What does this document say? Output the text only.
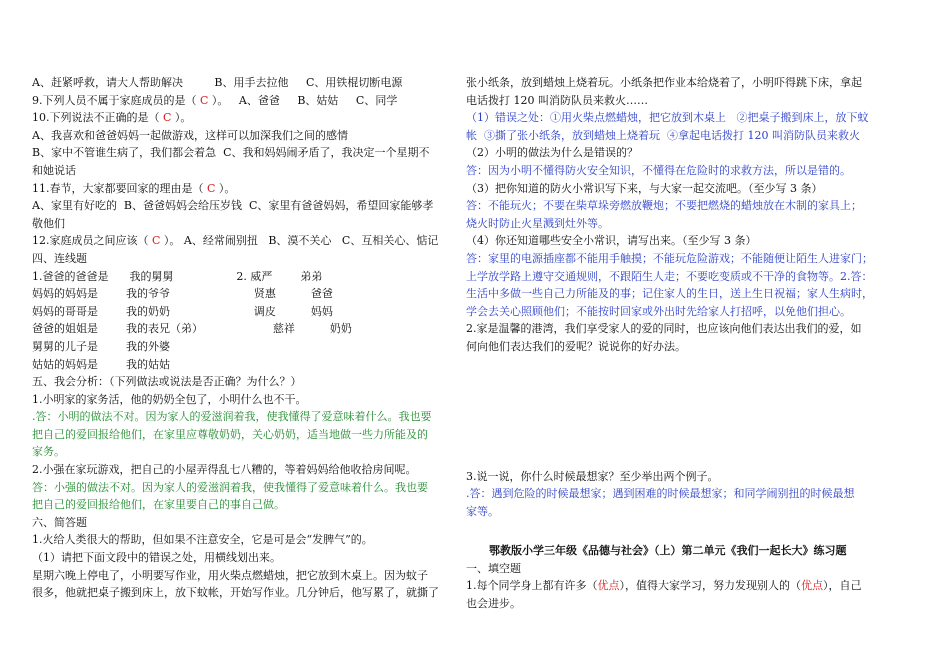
A、赶紧呼救，请大人帮助解决         B、用手去拉他     C、用铁棍切断电源
9.下列人员不属于家庭成员的是（ C ）。   A、爸爸     B、姑姑     C、同学
10.下列说法不正确的是（ C ）。
A、我喜欢和爸爸妈妈一起做游戏，这样可以加深我们之间的感情
B、家中不管谁生病了，我们都会着急  C、我和妈妈闹矛盾了，我决定一个星期不
和她说话
11.春节，大家都要回家的理由是（ C ）。
A、家里有好吃的  B、爸爸妈妈会给压岁钱  C、家里有爸爸妈妈，希望回家能够孝
敬他们
12.家庭成员之间应该（ C ）。 A、经常闹别扭   B、漠不关心   C、互相关心、惦记
四、连线题
1.爸爸的爸爸是      我的舅舅                  2. 威严        弟弟
妈妈的妈妈是        我的爷爷                        贤惠          爸爸
妈妈的哥哥是        我的奶奶                        调皮          妈妈
爸爸的姐姐是        我的表兄（弟）                    慈祥          奶奶
舅舅的儿子是        我的外婆
姑姑的妈妈是        我的姑姑
五、我会分析：（下列做法或说法是否正确？为什么？）
1.小明家的家务活，他的奶奶全包了，小明什么也不干。
.答：小明的做法不对。因为家人的爱滋润着我，使我懂得了爱意味着什么。我也要
把自己的爱回报给他们，在家里应尊敬奶奶，关心奶奶，适当地做一些力所能及的
家务。
2.小强在家玩游戏，把自己的小屋弄得乱七八糟的，等着妈妈给他收拾房间呢。
答：小强的做法不对。因为家人的爱滋润着我，使我懂得了爱意味着什么。我也要
把自己的爱回报给他们，在家里要自己的事自己做。
六、简答题
1.火给人类很大的帮助，但如果不注意安全，它是可是会“发脾气”的。
（1）请把下面文段中的错误之处，用横线划出来。
星期六晚上停电了，小明要写作业，用火柴点燃蜡烛，把它放到木桌上。因为蚊子
很多，他就把桌子搬到床上，放下蚊帐，开始写作业。几分钟后，他写累了，就撕了
张小纸条，放到蜡烛上烧着玩。小纸条把作业本给烧着了，小明吓得跳下床，拿起
电话拨打 120 叫消防队员来救火……
（1）错误之处：①用火柴点燃蜡烛，把它放到木桌上   ②把桌子搬到床上，放下蚊
帐  ③撕了张小纸条，放到蜡烛上烧着玩  ④拿起电话拨打 120 叫消防队员来救火
（2）小明的做法为什么是错误的？
答：因为小明不懂得防火安全知识，不懂得在危险时的求救方法，所以是错的。
（3）把你知道的防火小常识写下来，与大家一起交流吧。（至少写 3 条）
答：不能玩火；不要在柴草垛旁燃放鞭炮；不要把燃烧的蜡烛放在木制的家具上；
烧火时防止火星溅到灶外等。
（4）你还知道哪些安全小常识，请写出来。（至少写 3 条）
答：家里的电源插座都不能用手触摸；不能玩危险游戏；不能随便让陌生人进家门；
上学放学路上遵守交通规则，不跟陌生人走；不要吃变质或不干净的食物等。2.答：
生活中多做一些自己力所能及的事；记住家人的生日，送上生日祝福；家人生病时，
学会去关心照顾他们；不能按时回家或外出时先给家人打招呼，以免他们担心。
2.家是温馨的港湾，我们享受家人的爱的同时，也应该向他们表达出我们的爱，如
何向他们表达我们的爱呢？说说你的好办法。
3.说一说，你什么时候最想家？至少举出两个例子。
.答：遇到危险的时候最想家；遇到困难的时候最想家；和同学闹别扭的时候最想
家等。
鄂教版小学三年级《品德与社会》（上）第二单元《我们一起长大》练习题
一、填空题
1.每个同学身上都有许多（优点），值得大家学习，努力发现别人的（优点），自己
也会进步。
